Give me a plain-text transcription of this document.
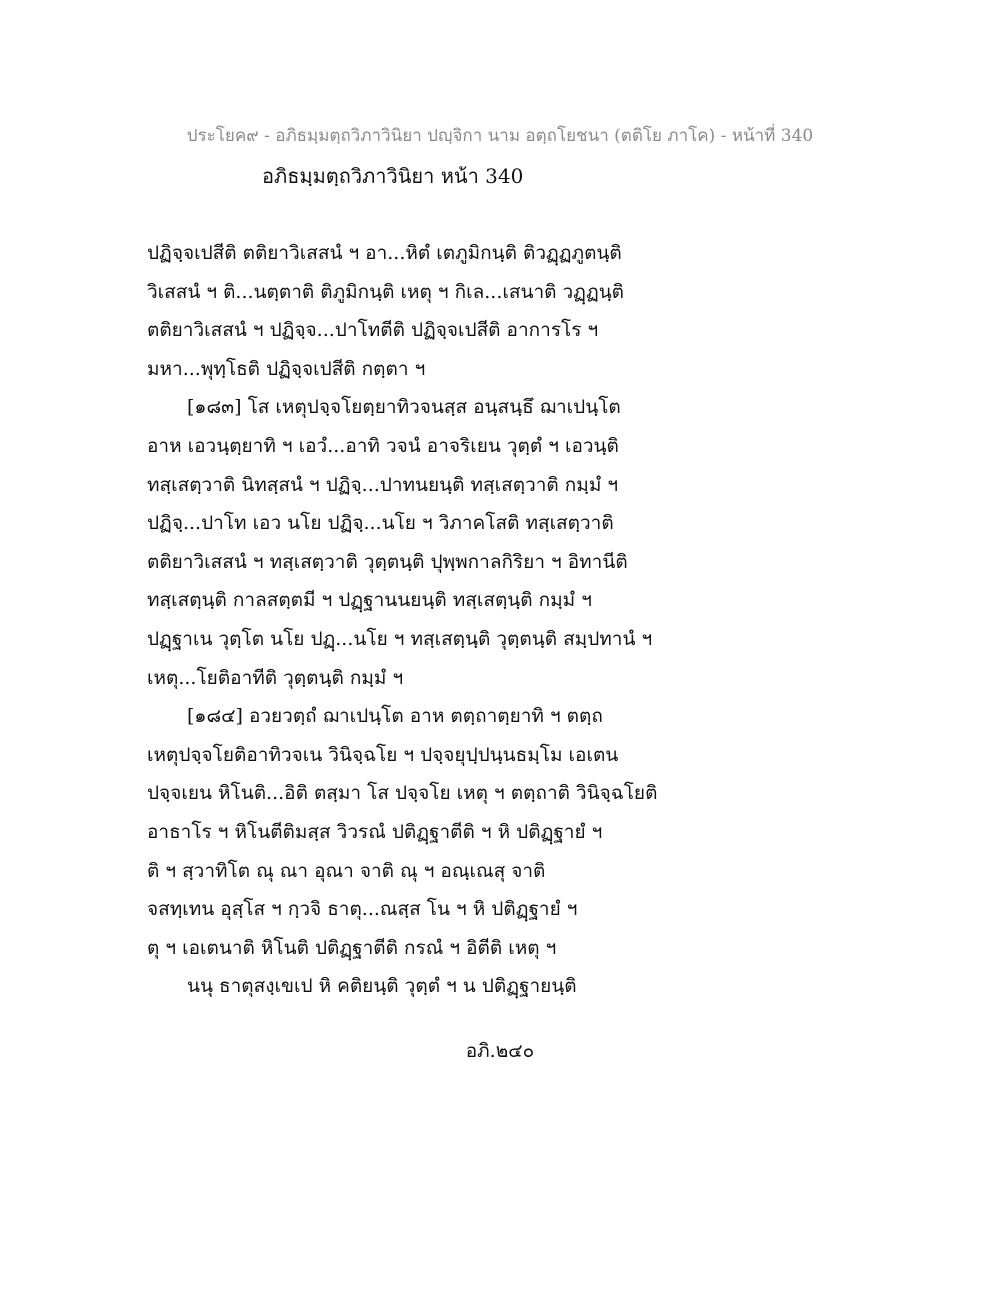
ประโยค๙ - อภิธมฺมตฺถวิภาวินิยา ปญฺจิกา นาม อตฺถโยชนา (ตติโย ภาโค) - หน้าที่ 340
อภิธมฺมตฺถวิภาวินิยา หน้า 340
ปฏิจฺจเปสีติ ตติยาวิเสสนํ ฯ อา...หิตํ เตภูมิกนฺติ ติวฏฺฏภูตนฺติ
วิเสสนํ ฯ ติ...นตฺตาติ ติภูมิกนฺติ เหตุ ฯ กิเล...เสนาติ วฏฺฏนฺติ
ตติยาวิเสสนํ ฯ ปฏิจฺจ...ปาโทตีติ ปฏิจฺจเปสีติ อาการโร ฯ
มหา...พุทฺโธติ ปฏิจฺจเปสีติ กตฺตา ฯ
[๑๘๓] โส เหตุปจฺจโยตฺยาทิวจนสฺส อนฺสนฺธึ ฌาเปนฺโต
อาห เอวนฺตฺยาทิ ฯ เอวํ...อาทิ วจนํ อาจริเยน วุตฺตํ ฯ เอวนฺติ
ทสฺเสตฺวาติ นิทสฺสนํ ฯ ปฏิจฺ...ปาทนยนฺติ ทสฺเสตฺวาติ กมฺมํ ฯ
ปฏิจฺ...ปาโท เอว นโย ปฏิจฺ...นโย ฯ วิภาคโสติ ทสฺเสตฺวาติ
ตติยาวิเสสนํ ฯ ทสฺเสตฺวาติ วุตฺตนฺติ ปุพฺพกาลกิริยา ฯ อิทานีติ
ทสฺเสตฺนฺติ กาลสตฺตมี ฯ ปฏฺฐานนยนฺติ ทสฺเสตฺนฺติ กมฺมํ ฯ
ปฏฺฐาเน วุตฺโต นโย ปฏฺ...นโย ฯ ทสฺเสตฺนฺติ วุตฺตนฺติ สมฺปทานํ ฯ
เหตุ...โยติอาทีติ วุตฺตนฺติ กมฺมํ ฯ
[๑๘๔] อวยวตฺถํ ฌาเปนฺโต อาห ตตฺถาตฺยาทิ ฯ ตตฺถ
เหตุปจฺจโยติอาทิวจเน วินิจฺฉโย ฯ ปจฺจยุปฺปนฺนธมฺโม เอเตน
ปจฺจเยน หิโนติ...อิติ ตสฺมา โส ปจฺจโย เหตุ ฯ ตตฺถาติ วินิจฺฉโยติ
อาธาโร ฯ หิโนตีติมสฺส วิวรณํ ปติฏฺฐาตีติ ฯ หิ ปติฏฺฐายํ ฯ
ติ ฯ สฺวาทิโต ณุ ณา อุณา จาติ ณุ ฯ อณฺเณสุ จาติ
จสทฺเทน อุสฺโส ฯ กฺวจิ ธาตุ...ณสฺส โน ฯ หิ ปติฏฺฐายํ ฯ
ตุ ฯ เอเตนาติ หิโนติ ปติฏฺฐาตีติ กรณํ ฯ อิตีติ เหตุ ฯ
นนุ ธาตุสงฺเขเป หิ คติยนฺติ วุตฺตํ ฯ น ปติฏฺฐายนฺติ
อภิ.๒๔๐
